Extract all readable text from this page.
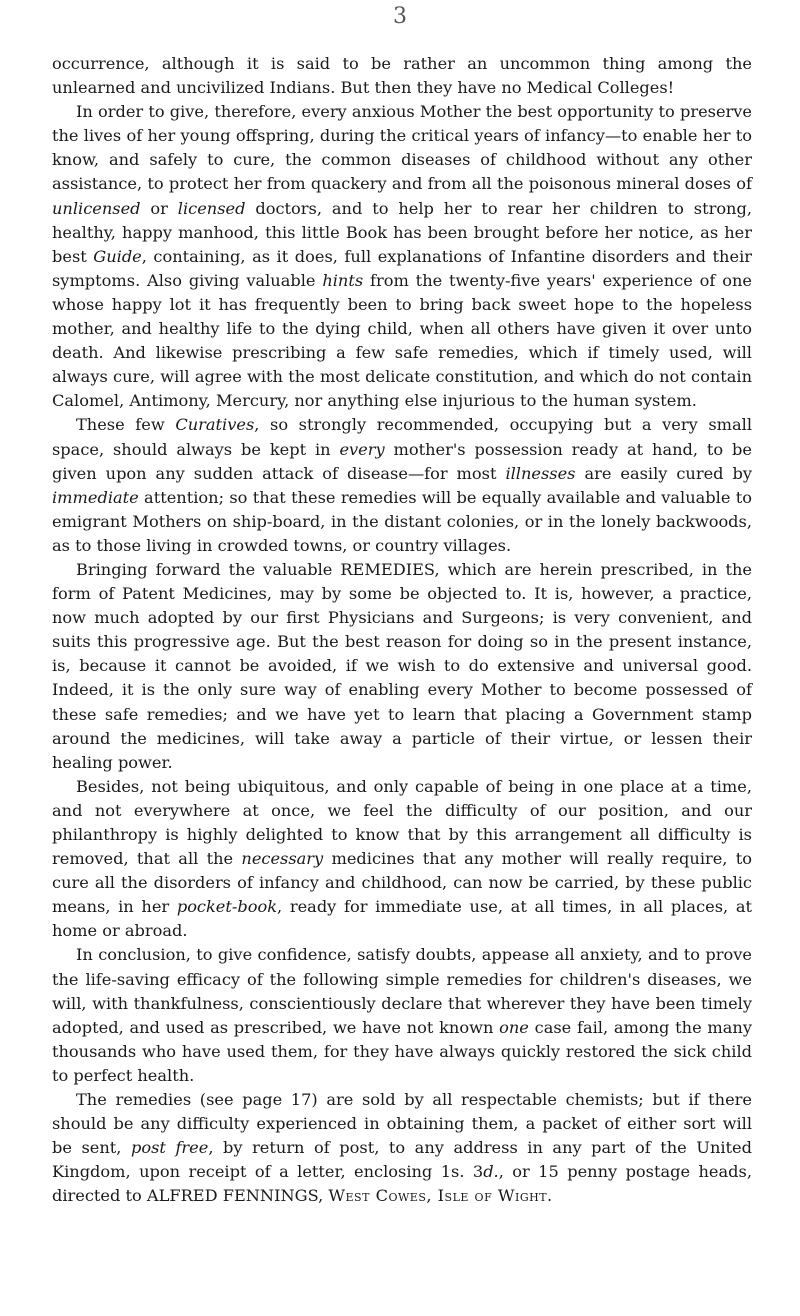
3

occurrence, although it is said to be rather an uncommon thing among the unlearned and uncivilized Indians. But then they have no Medical Colleges!

In order to give, therefore, every anxious Mother the best opportunity to preserve the lives of her young offspring, during the critical years of infancy—to enable her to know, and safely to cure, the common diseases of childhood without any other assistance, to protect her from quackery and from all the poisonous mineral doses of unlicensed or licensed doctors, and to help her to rear her children to strong, healthy, happy manhood, this little Book has been brought before her notice, as her best Guide, containing, as it does, full explanations of Infantine disorders and their symptoms. Also giving valuable hints from the twenty-five years' experience of one whose happy lot it has frequently been to bring back sweet hope to the hopeless mother, and healthy life to the dying child, when all others have given it over unto death. And likewise prescribing a few safe remedies, which if timely used, will always cure, will agree with the most delicate constitution, and which do not contain Calomel, Antimony, Mercury, nor anything else injurious to the human system.

These few Curatives, so strongly recommended, occupying but a very small space, should always be kept in every mother's possession ready at hand, to be given upon any sudden attack of disease—for most illnesses are easily cured by immediate attention; so that these remedies will be equally available and valuable to emigrant Mothers on ship-board, in the distant colonies, or in the lonely backwoods, as to those living in crowded towns, or country villages.

Bringing forward the valuable REMEDIES, which are herein prescribed, in the form of Patent Medicines, may by some be objected to. It is, however, a practice, now much adopted by our first Physicians and Surgeons; is very convenient, and suits this progressive age. But the best reason for doing so in the present instance, is, because it cannot be avoided, if we wish to do extensive and universal good. Indeed, it is the only sure way of enabling every Mother to become possessed of these safe remedies; and we have yet to learn that placing a Government stamp around the medicines, will take away a particle of their virtue, or lessen their healing power.

Besides, not being ubiquitous, and only capable of being in one place at a time, and not everywhere at once, we feel the difficulty of our position, and our philanthropy is highly delighted to know that by this arrangement all difficulty is removed, that all the necessary medicines that any mother will really require, to cure all the disorders of infancy and childhood, can now be carried, by these public means, in her pocket-book, ready for immediate use, at all times, in all places, at home or abroad.

In conclusion, to give confidence, satisfy doubts, appease all anxiety, and to prove the life-saving efficacy of the following simple remedies for children's diseases, we will, with thankfulness, conscientiously declare that wherever they have been timely adopted, and used as prescribed, we have not known one case fail, among the many thousands who have used them, for they have always quickly restored the sick child to perfect health.

The remedies (see page 17) are sold by all respectable chemists; but if there should be any difficulty experienced in obtaining them, a packet of either sort will be sent, post free, by return of post, to any address in any part of the United Kingdom, upon receipt of a letter, enclosing 1s. 3d., or 15 penny postage heads, directed to ALFRED FENNINGS, West Cowes, Isle of Wight.
